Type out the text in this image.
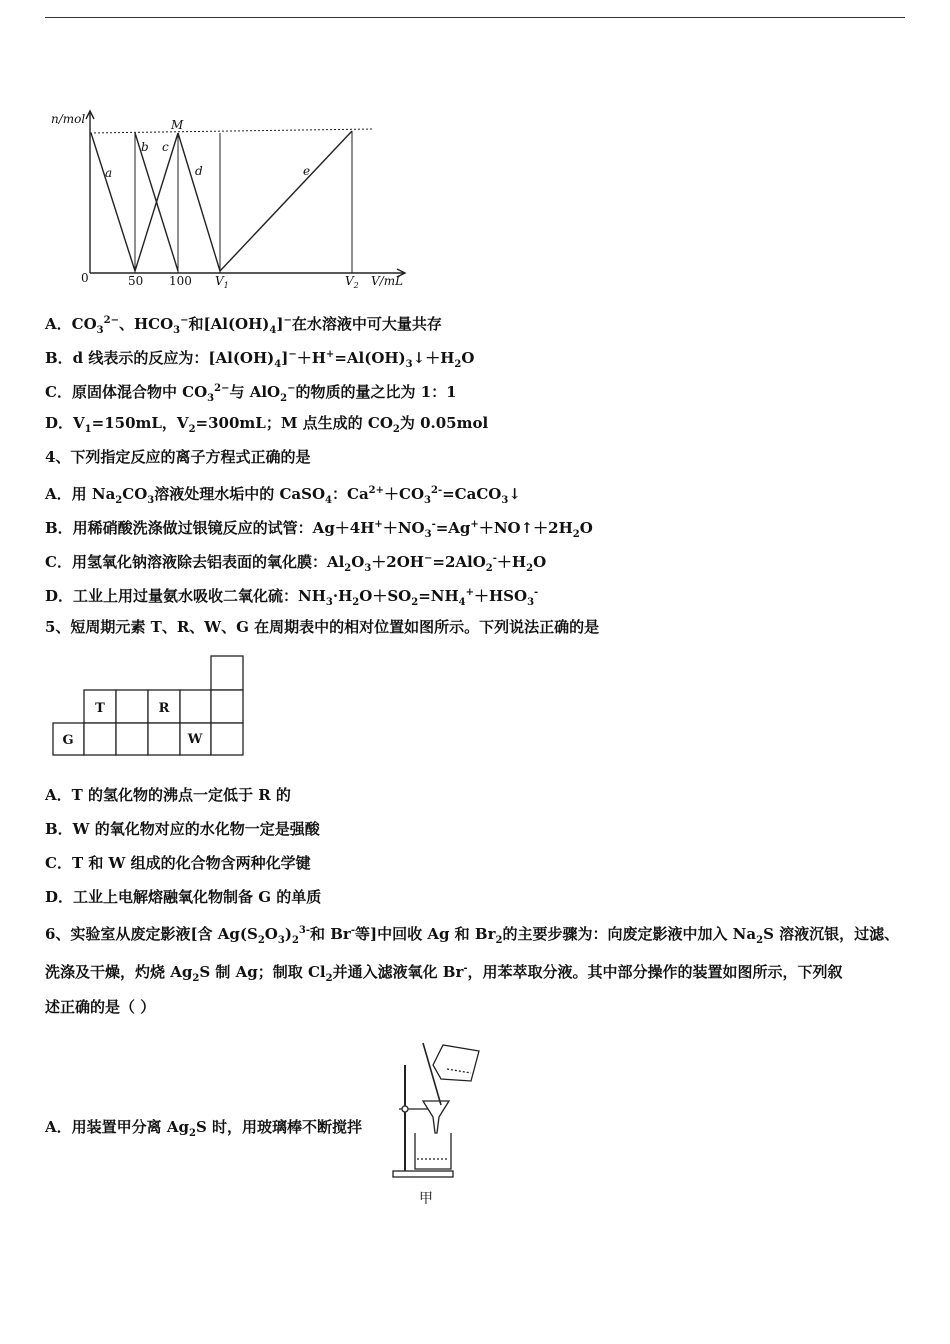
n/mol	M
a
b c
d	e
0	50 100 $V_1$	$V_2$ V/mL
A．$CO_3^{2-}$、$HCO_3^-$和$[Al(OH)_4]^-$在水溶液中可大量共存
B．d 线表示的反应为：$[Al(OH)_4]^-+H^+=Al(OH)_3↓+H_2O$
C．原固体混合物中 $CO_3^{2-}$与 AlO$_2$−的物质的量之比为 1：1
D．$V_1=150mL$，$V_2=300mL$；M 点生成的 $CO_2$为 0.05mol
4、下列指定反应的离子方程式正确的是
A．用 $Na_2CO_3$溶液处理水垢中的 CaSO$_4$：$Ca^{2+}+CO_3^{2-}=CaCO_3↓$
B．用稀硝酸洗涤做过银镜反应的试管：$Ag+4H^++NO_3^-=Ag^++NO↑+2H_2O$
C．用氢氧化钠溶液除去铝表面的氧化膜：$Al_2O_3+2OH^-=2AlO_2^-+H_2O$
D．工业上用过量氨水吸收二氧化硫：$NH_3\cdot H_2O+SO_2=NH_4^++HSO_3^-$
5、短周期元素 T、R、W、G 在周期表中的相对位置如图所示。下列说法正确的是
T	R
G	W
A．T 的氢化物的沸点一定低于 R 的
B．W 的氧化物对应的水化物一定是强酸
C．T 和 W 组成的化合物含两种化学键
D．工业上电解熔融氧化物制备 G 的单质
6、实验室从废定影液[含 $Ag(S_2O_3)_2^{3-}$和 Br-等]中回收 Ag 和 $Br_2$的主要步骤为：向废定影液中加入 $Na_2S$ 溶液沉银，过滤、
洗涤及干燥，灼烧 $Ag_2S$ 制 Ag；制取 $Cl_2$并通入滤液氧化 Br-，用苯萃取分液。其中部分操作的装置如图所示，下列叙
述正确的是（ ）
A．用装置甲分离 $Ag_2S$ 时，用玻璃棒不断搅拌
甲
